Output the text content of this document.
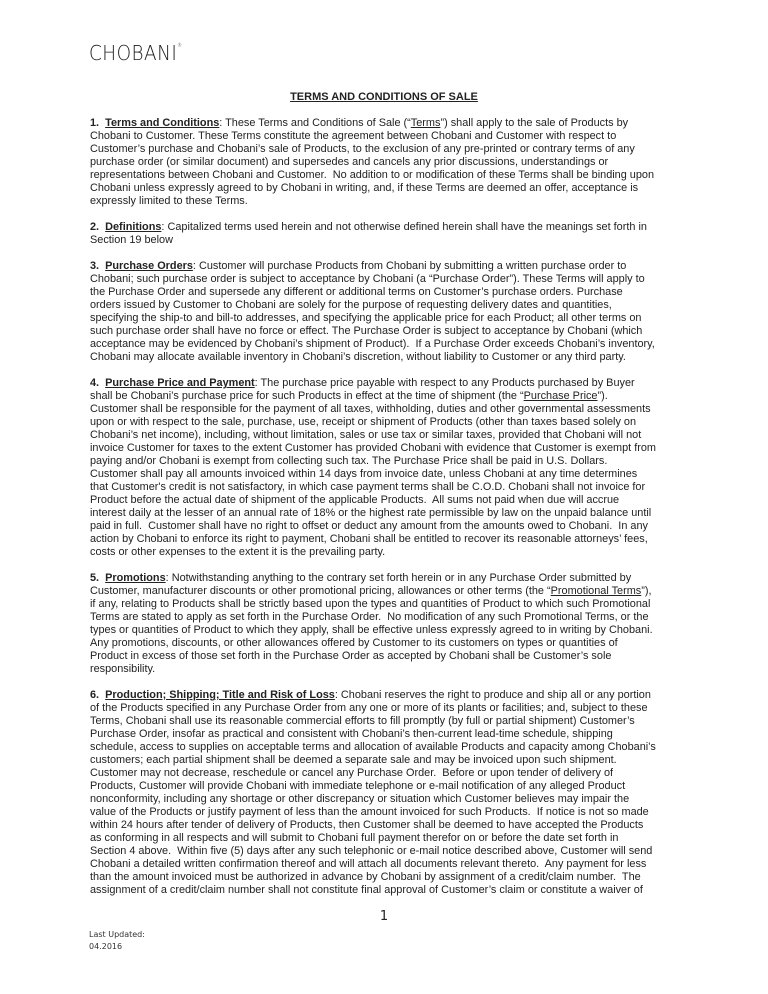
CHOBANI®
TERMS AND CONDITIONS OF SALE
1.  Terms and Conditions: These Terms and Conditions of Sale (“Terms”) shall apply to the sale of Products by
Chobani to Customer. These Terms constitute the agreement between Chobani and Customer with respect to
Customer’s purchase and Chobani’s sale of Products, to the exclusion of any pre-printed or contrary terms of any
purchase order (or similar document) and supersedes and cancels any prior discussions, understandings or
representations between Chobani and Customer.  No addition to or modification of these Terms shall be binding upon
Chobani unless expressly agreed to by Chobani in writing, and, if these Terms are deemed an offer, acceptance is
expressly limited to these Terms.
2.  Definitions: Capitalized terms used herein and not otherwise defined herein shall have the meanings set forth in
Section 19 below
3.  Purchase Orders: Customer will purchase Products from Chobani by submitting a written purchase order to
Chobani; such purchase order is subject to acceptance by Chobani (a “Purchase Order”). These Terms will apply to
the Purchase Order and supersede any different or additional terms on Customer’s purchase orders. Purchase
orders issued by Customer to Chobani are solely for the purpose of requesting delivery dates and quantities,
specifying the ship-to and bill-to addresses, and specifying the applicable price for each Product; all other terms on
such purchase order shall have no force or effect. The Purchase Order is subject to acceptance by Chobani (which
acceptance may be evidenced by Chobani’s shipment of Product).  If a Purchase Order exceeds Chobani’s inventory,
Chobani may allocate available inventory in Chobani’s discretion, without liability to Customer or any third party.
4.  Purchase Price and Payment: The purchase price payable with respect to any Products purchased by Buyer
shall be Chobani’s purchase price for such Products in effect at the time of shipment (the “Purchase Price”).
Customer shall be responsible for the payment of all taxes, withholding, duties and other governmental assessments
upon or with respect to the sale, purchase, use, receipt or shipment of Products (other than taxes based solely on
Chobani’s net income), including, without limitation, sales or use tax or similar taxes, provided that Chobani will not
invoice Customer for taxes to the extent Customer has provided Chobani with evidence that Customer is exempt from
paying and/or Chobani is exempt from collecting such tax. The Purchase Price shall be paid in U.S. Dollars.
Customer shall pay all amounts invoiced within 14 days from invoice date, unless Chobani at any time determines
that Customer's credit is not satisfactory, in which case payment terms shall be C.O.D. Chobani shall not invoice for
Product before the actual date of shipment of the applicable Products.  All sums not paid when due will accrue
interest daily at the lesser of an annual rate of 18% or the highest rate permissible by law on the unpaid balance until
paid in full.  Customer shall have no right to offset or deduct any amount from the amounts owed to Chobani.  In any
action by Chobani to enforce its right to payment, Chobani shall be entitled to recover its reasonable attorneys’ fees,
costs or other expenses to the extent it is the prevailing party.
5.  Promotions: Notwithstanding anything to the contrary set forth herein or in any Purchase Order submitted by
Customer, manufacturer discounts or other promotional pricing, allowances or other terms (the “Promotional Terms”),
if any, relating to Products shall be strictly based upon the types and quantities of Product to which such Promotional
Terms are stated to apply as set forth in the Purchase Order.  No modification of any such Promotional Terms, or the
types or quantities of Product to which they apply, shall be effective unless expressly agreed to in writing by Chobani.
Any promotions, discounts, or other allowances offered by Customer to its customers on types or quantities of
Product in excess of those set forth in the Purchase Order as accepted by Chobani shall be Customer’s sole
responsibility.
6.  Production; Shipping; Title and Risk of Loss: Chobani reserves the right to produce and ship all or any portion
of the Products specified in any Purchase Order from any one or more of its plants or facilities; and, subject to these
Terms, Chobani shall use its reasonable commercial efforts to fill promptly (by full or partial shipment) Customer’s
Purchase Order, insofar as practical and consistent with Chobani’s then-current lead-time schedule, shipping
schedule, access to supplies on acceptable terms and allocation of available Products and capacity among Chobani’s
customers; each partial shipment shall be deemed a separate sale and may be invoiced upon such shipment.
Customer may not decrease, reschedule or cancel any Purchase Order.  Before or upon tender of delivery of
Products, Customer will provide Chobani with immediate telephone or e-mail notification of any alleged Product
nonconformity, including any shortage or other discrepancy or situation which Customer believes may impair the
value of the Products or justify payment of less than the amount invoiced for such Products.  If notice is not so made
within 24 hours after tender of delivery of Products, then Customer shall be deemed to have accepted the Products
as conforming in all respects and will submit to Chobani full payment therefor on or before the date set forth in
Section 4 above.  Within five (5) days after any such telephonic or e-mail notice described above, Customer will send
Chobani a detailed written confirmation thereof and will attach all documents relevant thereto.  Any payment for less
than the amount invoiced must be authorized in advance by Chobani by assignment of a credit/claim number.  The
assignment of a credit/claim number shall not constitute final approval of Customer’s claim or constitute a waiver of
1
Last Updated:
04.2016
